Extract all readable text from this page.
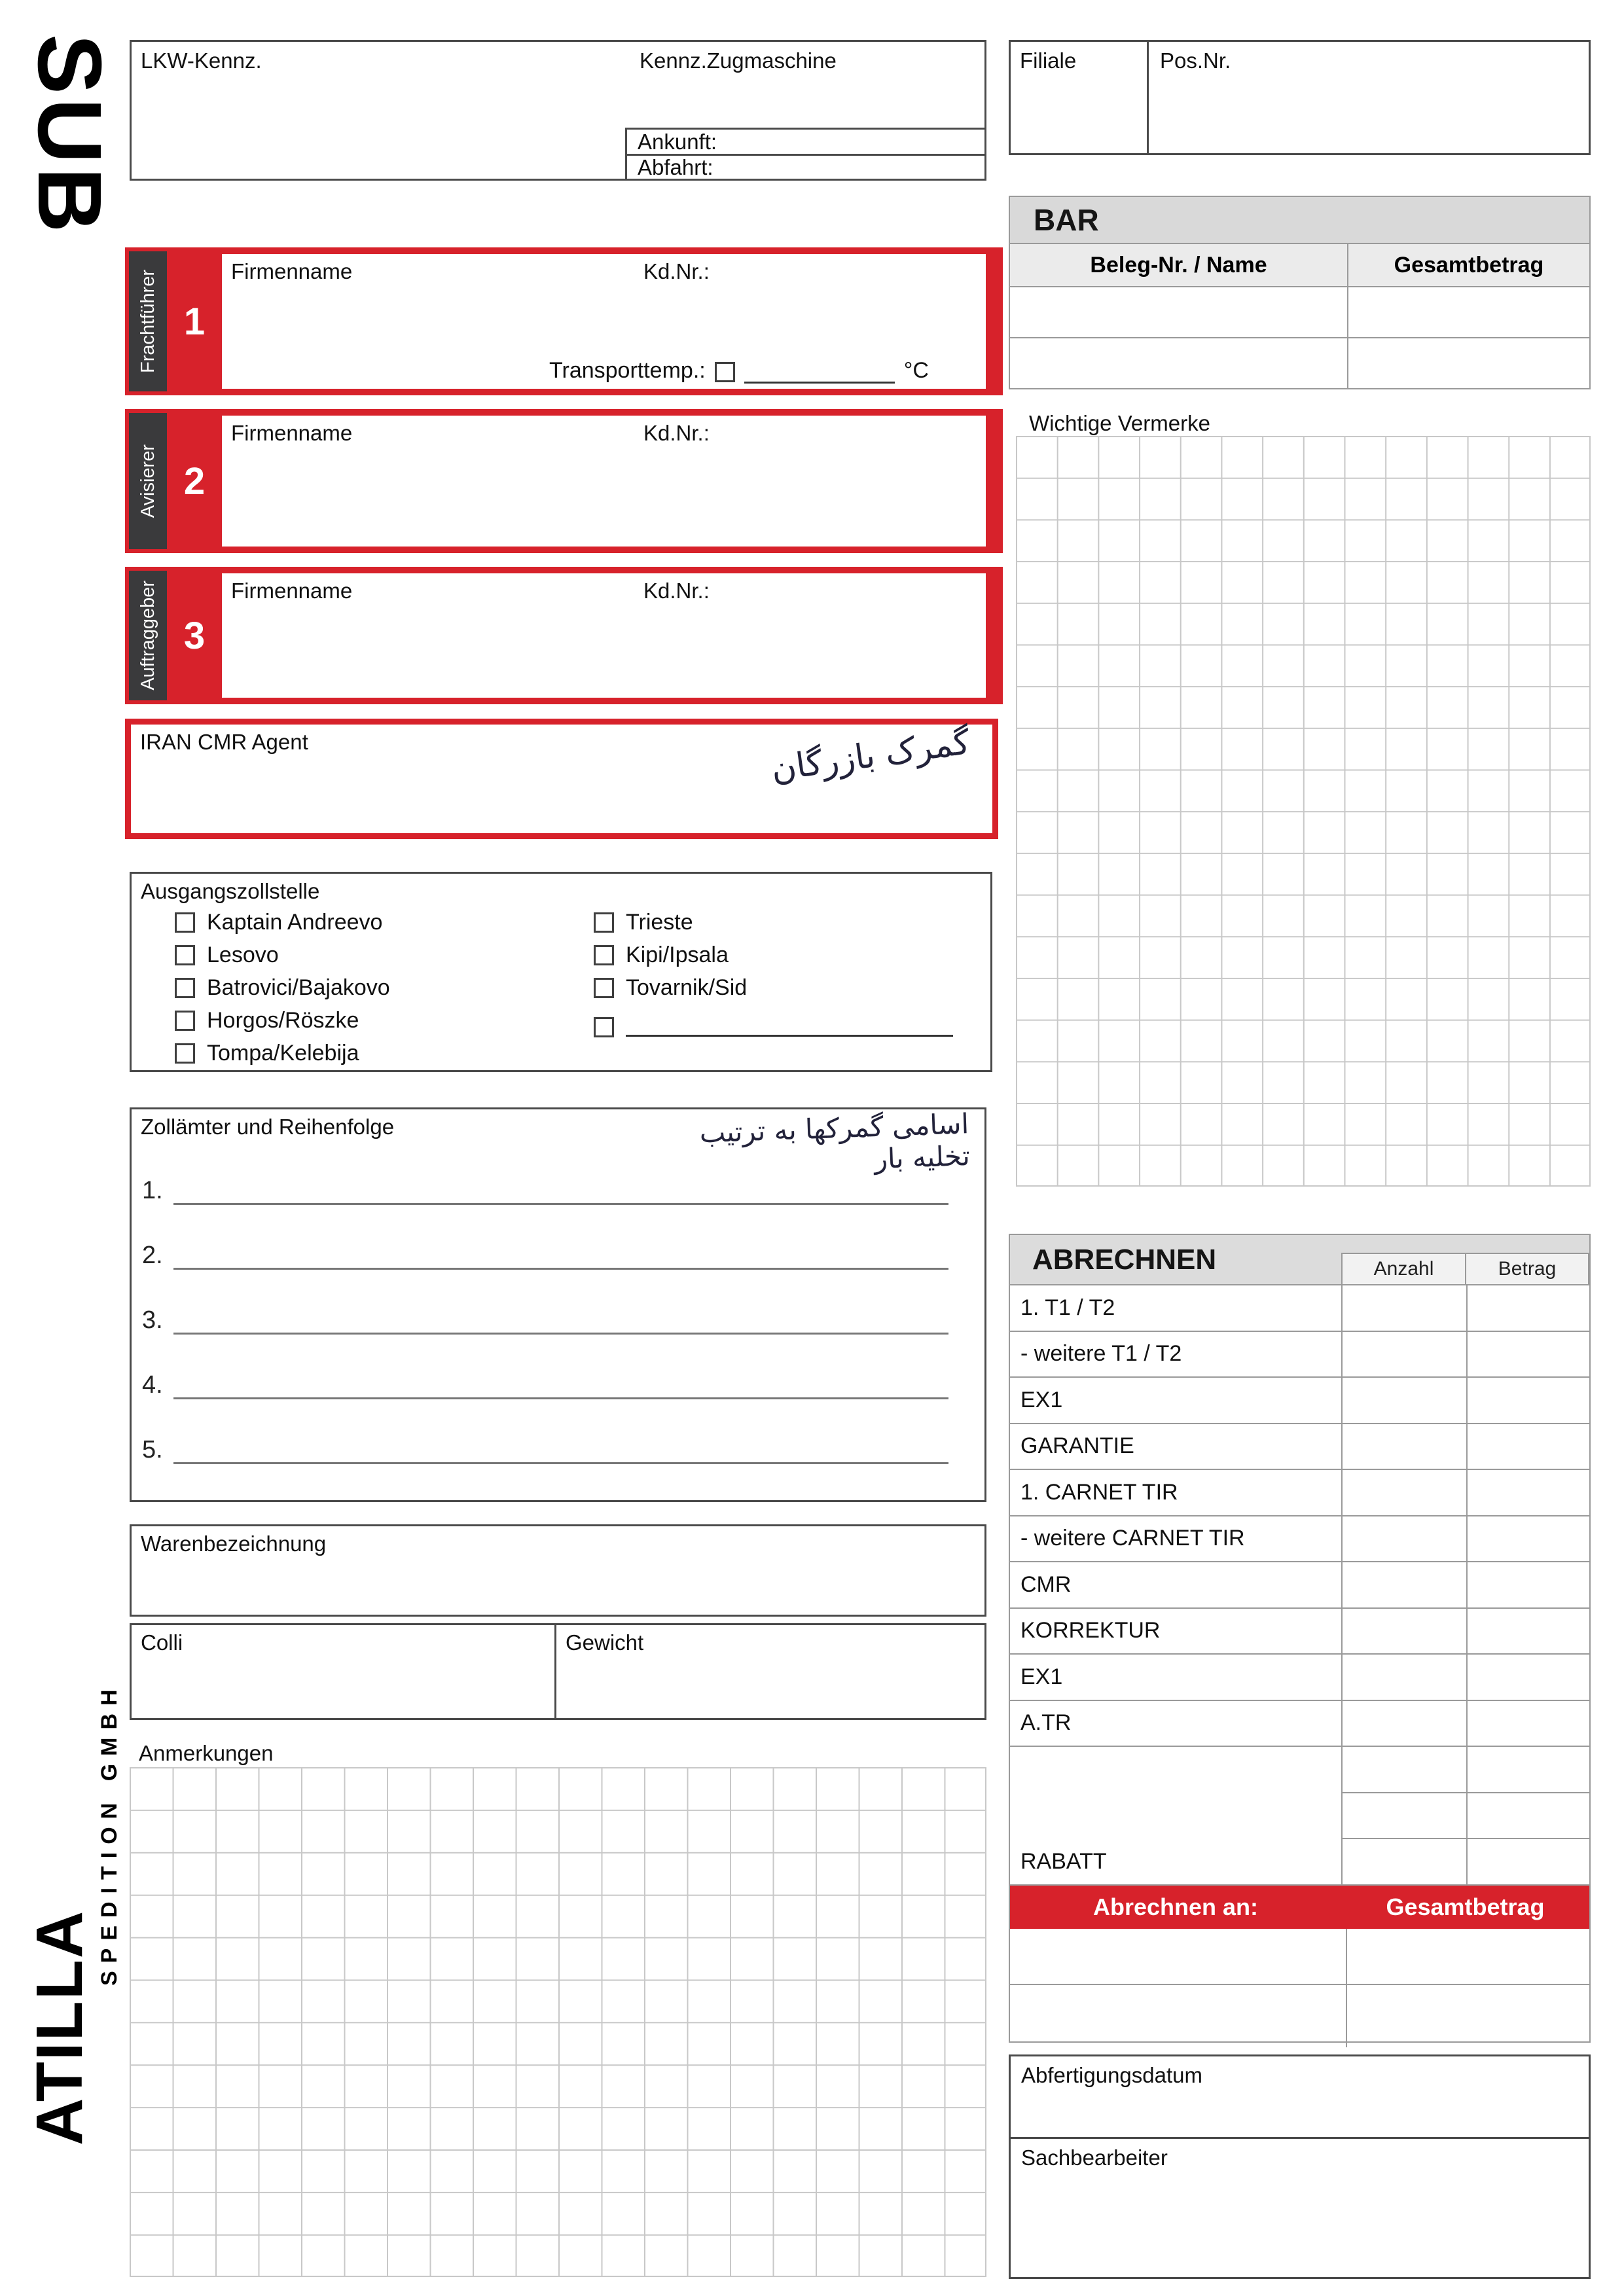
SUB LKW-Kennz.	Kennz.Zugmaschine
Ankunft:
Abfahrt:
Filiale	Pos.Nr.
BAR
Beleg-Nr. / Name	Gesamtbetrag
Frachtführer 1
Firmenname	Kd.Nr.:
Transporttemp.:	°C
Avisierer 2
Firmenname	Kd.Nr.:
Auftraggeber 3
Firmenname	Kd.Nr.:
IRAN CMR Agent	گمرک بازرگان
Wichtige Vermerke
Ausgangszollstelle
Kaptain Andreevo
Lesovo
Batrovici/Bajakovo
Horgos/Röszke
Tompa/Kelebija
Trieste
Kipi/Ipsala
Tovarnik/Sid
Zollämter und Reihenfolge	اسامی گمرکها به ترتیب تخلیه بار
1.
2.
3.
4.
5.
Warenbezeichnung
Colli	Gewicht
Anmerkungen
ATILLA
SPEDITION GMBH
ABRECHNEN	Anzahl	Betrag
1. T1 / T2
- weitere T1 / T2
EX1
GARANTIE
1. CARNET TIR
- weitere CARNET TIR
CMR
KORREKTUR
EX1
A.TR
RABATT
Abrechnen an:	Gesamtbetrag
Abfertigungsdatum
Sachbearbeiter
